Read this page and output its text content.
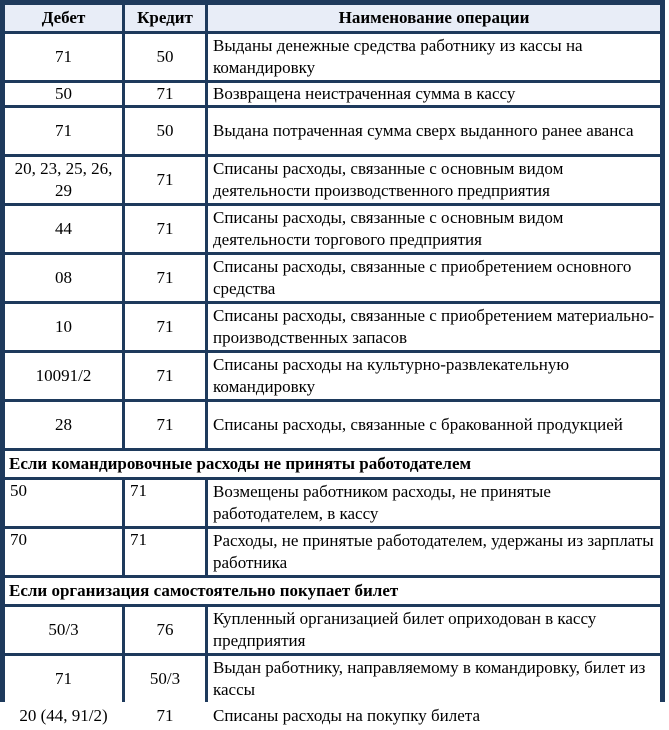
Дебет	Кредит	Наименование операции
71	50	Выданы денежные средства работнику из кассы на командировку
50	71	Возвращена неистраченная сумма в кассу
71	50	Выдана потраченная сумма сверх выданного ранее аванса
20, 23, 25, 26, 29	71	Списаны расходы, связанные с основным видом деятельности производственного предприятия
44	71	Списаны расходы, связанные с основным видом деятельности торгового предприятия
08	71	Списаны расходы, связанные с приобретением основного средства
10	71	Списаны расходы, связанные с приобретением материально-производственных запасов
10091/2	71	Списаны расходы на культурно-развлекательную командировку
28	71	Списаны расходы, связанные с бракованной продукцией
Если командировочные расходы не приняты работодателем		
50	71	Возмещены работником расходы, не принятые работодателем, в кассу
70	71	Расходы, не принятые работодателем, удержаны из зарплаты работника
Если организация самостоятельно покупает билет		
50/3	76	Купленный организацией билет оприходован в кассу предприятия
71	50/3	Выдан работнику, направляемому в командировку, билет из кассы
20 (44, 91/2)	71	Списаны расходы на покупку билета
